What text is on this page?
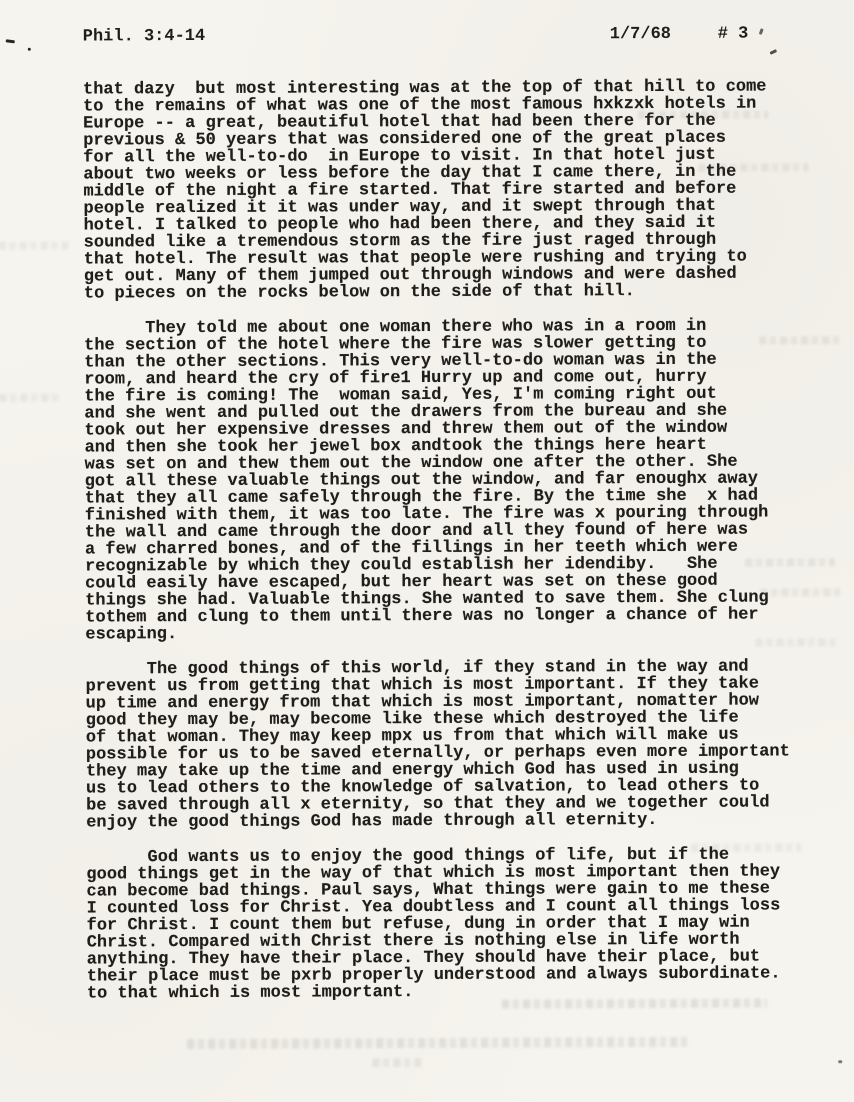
Phil. 3:4-14	1/7/68	# 3
that dazy  but most interesting was at the top of that hill to come
to the remains of what was one of the most famous hxkzxk hotels in
Europe -- a great, beautiful hotel that had been there for the
previous & 50 years that was considered one of the great places
for all the well-to-do  in Europe to visit. In that hotel just
about two weeks or less before the day that I came there, in the
middle of the night a fire started. That fire started and before
people realized it it was under way, and it swept through that
hotel. I talked to people who had been there, and they said it
sounded like a tremendous storm as the fire just raged through
that hotel. The result was that people were rushing and trying to
get out. Many of them jumped out through windows and were dashed
to pieces on the rocks below on the side of that hill.
They told me about one woman there who was in a room in
the section of the hotel where the fire was slower getting to
than the other sections. This very well-to-do woman was in the
room, and heard the cry of fire1 Hurry up and come out, hurry
the fire is coming! The  woman said, Yes, I'm coming right out
and she went and pulled out the drawers from the bureau and she
took out her expensive dresses and threw them out of the window
and then she took her jewel box andtook the things here heart
was set on and thew them out the window one after the other. She
got all these valuable things out the window, and far enoughx away
that they all came safely through the fire. By the time she  x had
finished with them, it was too late. The fire was x pouring through
the wall and came through the door and all they found of here was
a few charred bones, and of the fillings in her teeth which were
recognizable by which they could establish her idendiby.   She
could easily have escaped, but her heart was set on these good
things she had. Valuable things. She wanted to save them. She clung
tothem and clung to them until there was no longer a chance of her
escaping.
The good things of this world, if they stand in the way and
prevent us from getting that which is most important. If they take
up time and energy from that which is most important, nomatter how
good they may be, may become like these which destroyed the life
of that woman. They may keep mpx us from that which will make us
possible for us to be saved eternally, or perhaps even more important
they may take up the time and energy which God has used in using
us to lead others to the knowledge of salvation, to lead others to
be saved through all x eternity, so that they and we together could
enjoy the good things God has made through all eternity.
God wants us to enjoy the good things of life, but if the
good things get in the way of that which is most important then they
can become bad things. Paul says, What things were gain to me these
I counted loss for Christ. Yea doubtless and I count all things loss
for Christ. I count them but refuse, dung in order that I may win
Christ. Compared with Christ there is nothing else in life worth
anything. They have their place. They should have their place, but
their place must be pxrb properly understood and always subordinate.
to that which is most important.
